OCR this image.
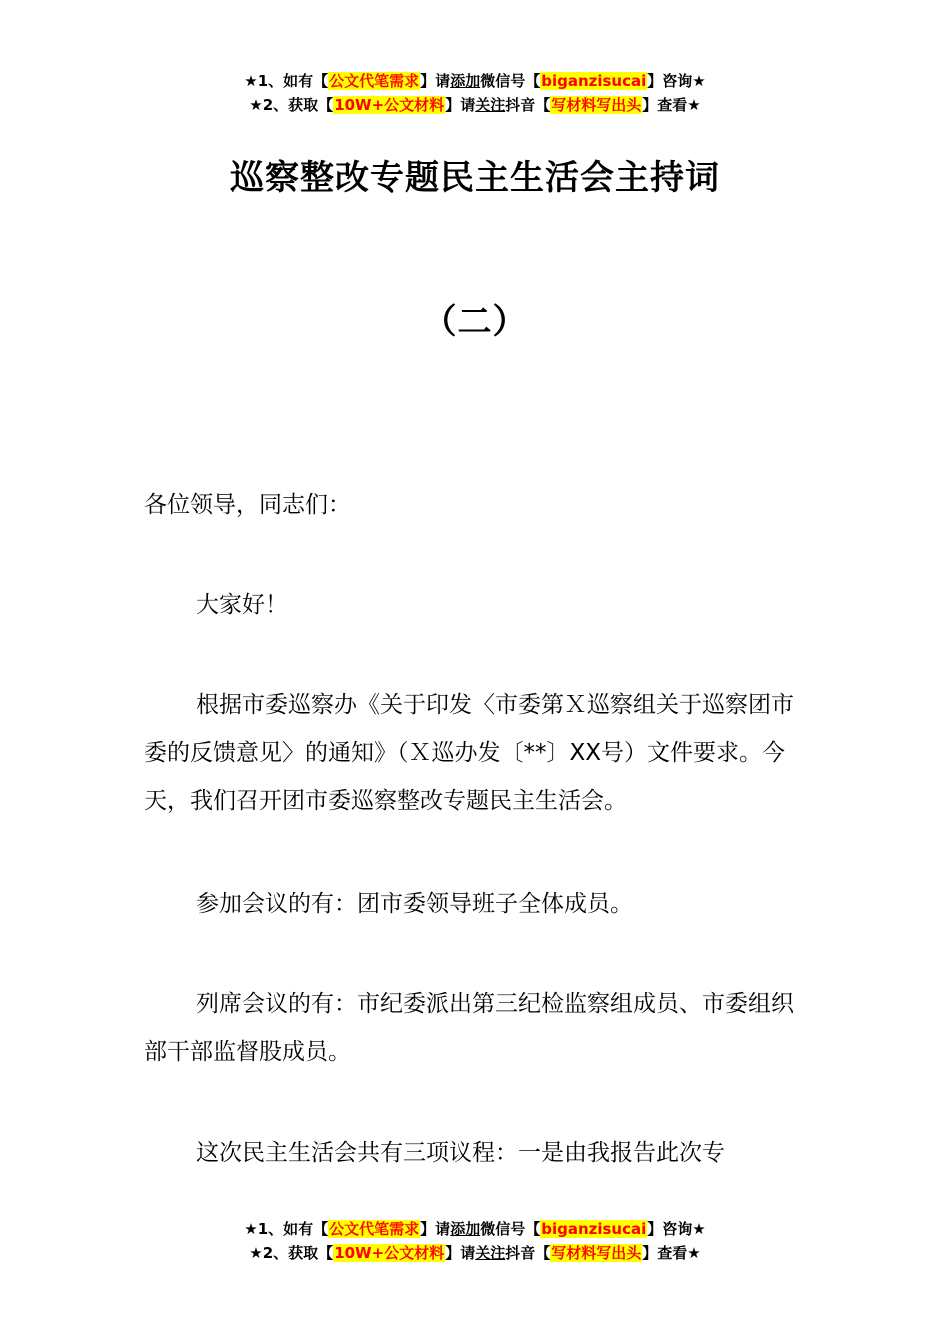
★1、如有【公文代笔需求】请添加微信号【biganzisucai】咨询★
★2、获取【10W+公文材料】请关注抖音【写材料写出头】查看★
巡察整改专题民主生活会主持词
（二）

各位领导，同志们：

大家好！

根据市委巡察办《关于印发〈市委第Ｘ巡察组关于巡察团市委的反馈意见〉的通知》（Ｘ巡办发〔**〕XX号）文件要求。今天，我们召开团市委巡察整改专题民主生活会。

参加会议的有：团市委领导班子全体成员。

列席会议的有：市纪委派出第三纪检监察组成员、市委组织部干部监督股成员。

这次民主生活会共有三项议程：一是由我报告此次专

★1、如有【公文代笔需求】请添加微信号【biganzisucai】咨询★
★2、获取【10W+公文材料】请关注抖音【写材料写出头】查看★
